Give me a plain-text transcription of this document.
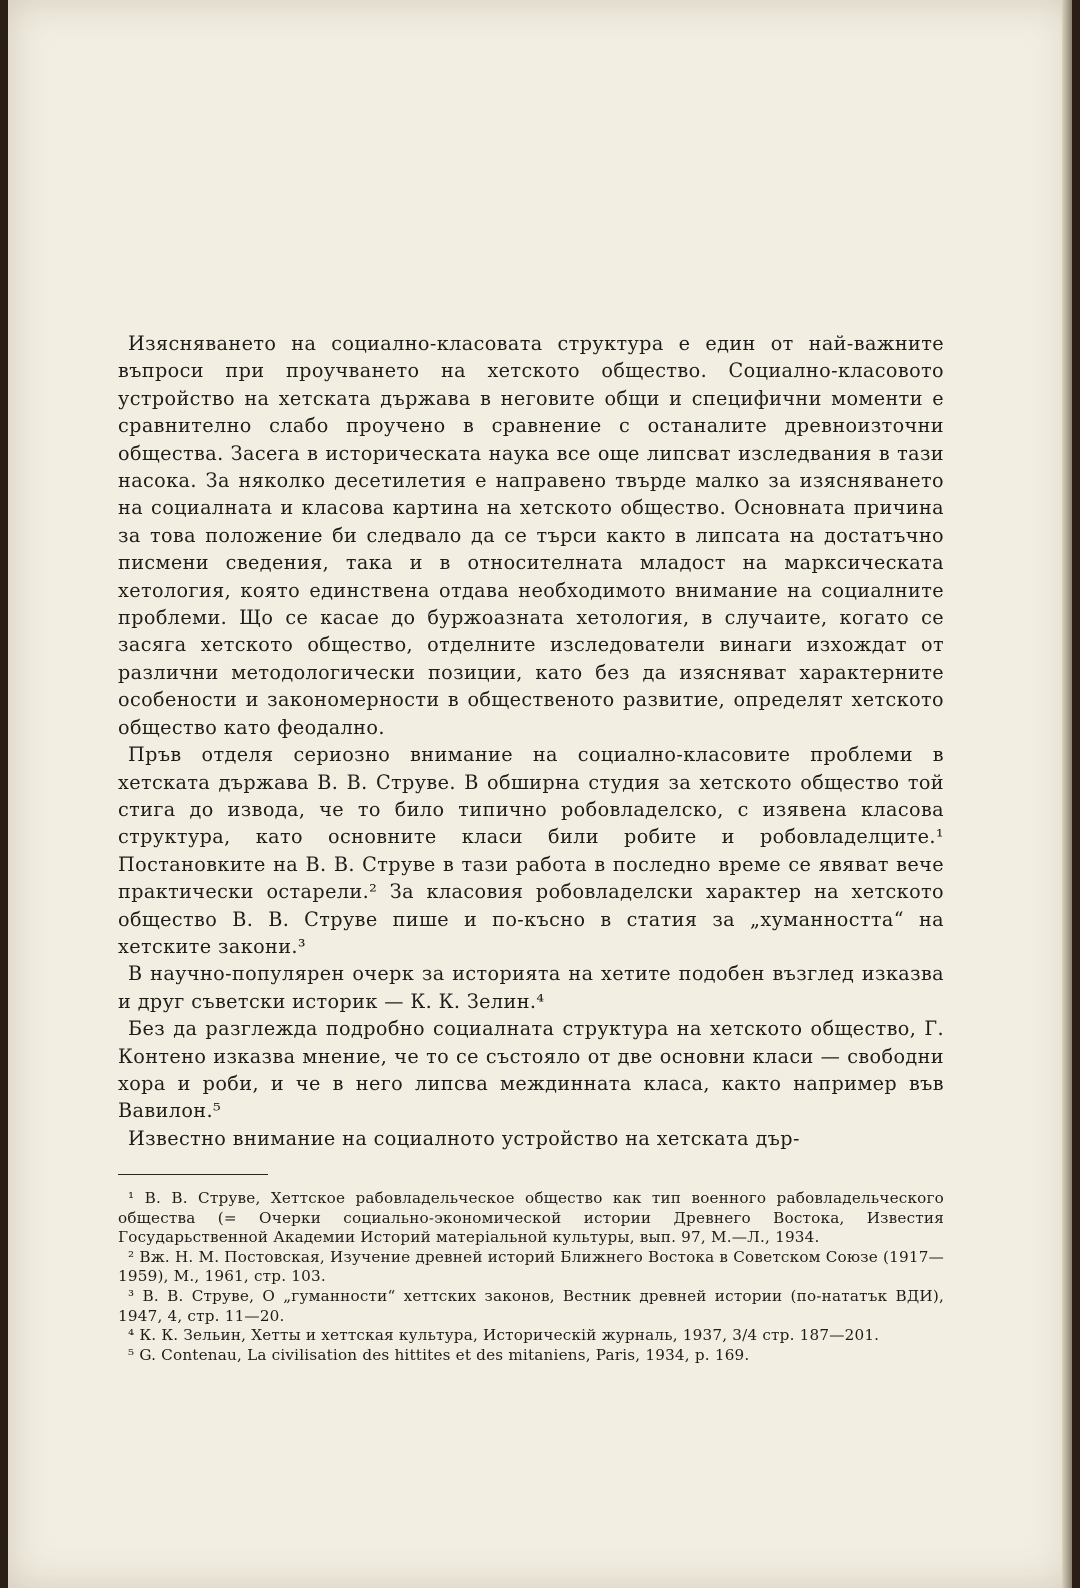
Изясняването на социално-класовата структура е един от най-важните въпроси при проучването на хетското общество. Социално-класовото устройство на хетската държава в неговите общи и специфични моменти е сравнително слабо проучено в сравнение с останалите древноизточни общества. Засега в историческата наука все още липсват изследвания в тази насока. За няколко десетилетия е направено твърде малко за изясняването на социалната и класова картина на хетското общество. Основната причина за това положение би следвало да се търси както в липсата на достатъчно писмени сведения, така и в относителната младост на марксическата хетология, която единствена отдава необходимото внимание на социалните проблеми. Що се касае до буржоазната хетология, в случаите, когато се засяга хетското общество, отделните изследователи винаги изхождат от различни методологически позиции, като без да изясняват характерните особености и закономерности в общественото развитие, определят хетското общество като феодално.

Пръв отделя сериозно внимание на социално-класовите проблеми в хетската държава В. В. Струве. В обширна студия за хетското общество той стига до извода, че то било типично робовладелско, с изявена класова структура, като основните класи били робите и робовладелците.¹ Постановките на В. В. Струве в тази работа в последно време се явяват вече практически остарели.² За класовия робовладелски характер на хетското общество В. В. Струве пише и по-късно в статия за „хуманността“ на хетските закони.³

В научно-популярен очерк за историята на хетите подобен възглед изказва и друг съветски историк — К. К. Зелин.⁴

Без да разглежда подробно социалната структура на хетското общество, Г. Контено изказва мнение, че то се състояло от две основни класи — свободни хора и роби, и че в него липсва междинната класа, както например във Вавилон.⁵

Известно внимание на социалното устройство на хетската дър-

¹ В. В. Струве, Хеттское рабовладельческое общество как тип военного рабовладельческого общества (= Очерки социально-экономической истории Древнего Востока, Известия Государьственной Академии Историй матерiальной культуры, вып. 97, М.—Л., 1934.

² Вж. Н. М. Постовская, Изучение древней историй Ближнего Востока в Советском Союзе (1917—1959), М., 1961, стр. 103.

³ В. В. Струве, О „гуманности“ хеттских законов, Вестник древней истории (по-нататък ВДИ), 1947, 4, стр. 11—20.

⁴ К. К. Зельин, Хетты и хеттская культура, Историческiй журналь, 1937, 3/4 стр. 187—201.

⁵ G. Contenau, La civilisation des hittites et des mitaniens, Paris, 1934, p. 169.
